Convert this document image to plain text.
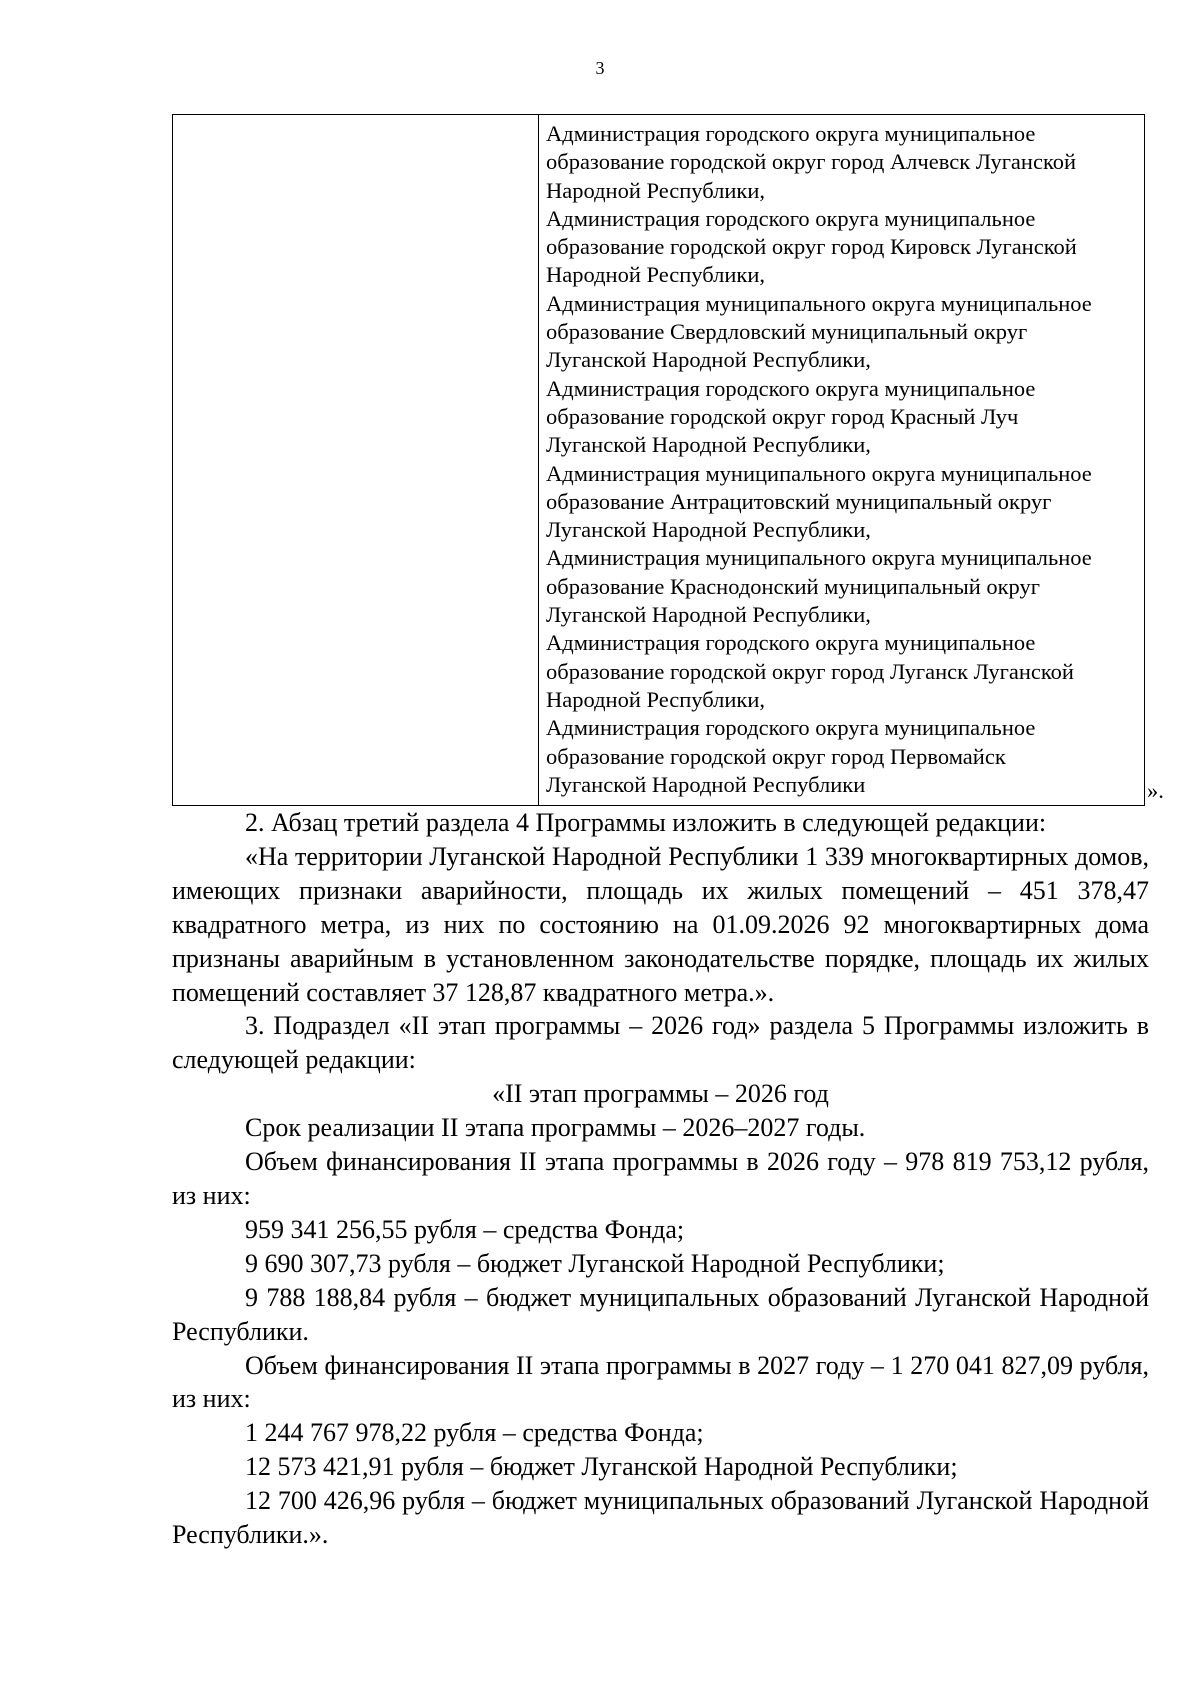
3

Администрация городского округа муниципальное

образование городской округ город Алчевск Луганской

Народной Республики,

Администрация городского округа муниципальное

образование городской округ город Кировск Луганской

Народной Республики,

Администрация муниципального округа муниципальное

образование Свердловский муниципальный округ

Луганской Народной Республики,

Администрация городского округа муниципальное

образование городской округ город Красный Луч

Луганской Народной Республики,

Администрация муниципального округа муниципальное

образование Антрацитовский муниципальный округ

Луганской Народной Республики,

Администрация муниципального округа муниципальное

образование Краснодонский муниципальный округ

Луганской Народной Республики,

Администрация городского округа муниципальное

образование городской округ город Луганск Луганской

Народной Республики,

Администрация городского округа муниципальное

образование городской округ город Первомайск

Луганской Народной Республики	».

2. Абзац третий раздела 4 Программы изложить в следующей редакции:

«На территории Луганской Народной Республики 1 339 многоквартирных домов, имеющих признаки аварийности, площадь их жилых помещений – 451 378,47 квадратного метра, из них по состоянию на 01.09.2026 92 многоквартирных дома признаны аварийным в установленном законодательстве порядке, площадь их жилых помещений составляет 37 128,87 квадратного метра.».

3. Подраздел «II этап программы – 2026 год» раздела 5 Программы изложить в следующей редакции:

«II этап программы – 2026 год

Срок реализации II этапа программы – 2026–2027 годы.

Объем финансирования II этапа программы в 2026 году – 978 819 753,12 рубля, из них:

959 341 256,55 рубля – средства Фонда;

9 690 307,73 рубля – бюджет Луганской Народной Республики;

9 788 188,84 рубля – бюджет муниципальных образований Луганской Народной Республики.

Объем финансирования II этапа программы в 2027 году – 1 270 041 827,09 рубля, из них:

1 244 767 978,22 рубля – средства Фонда;

12 573 421,91 рубля – бюджет Луганской Народной Республики;

12 700 426,96 рубля – бюджет муниципальных образований Луганской Народной Республики.».
